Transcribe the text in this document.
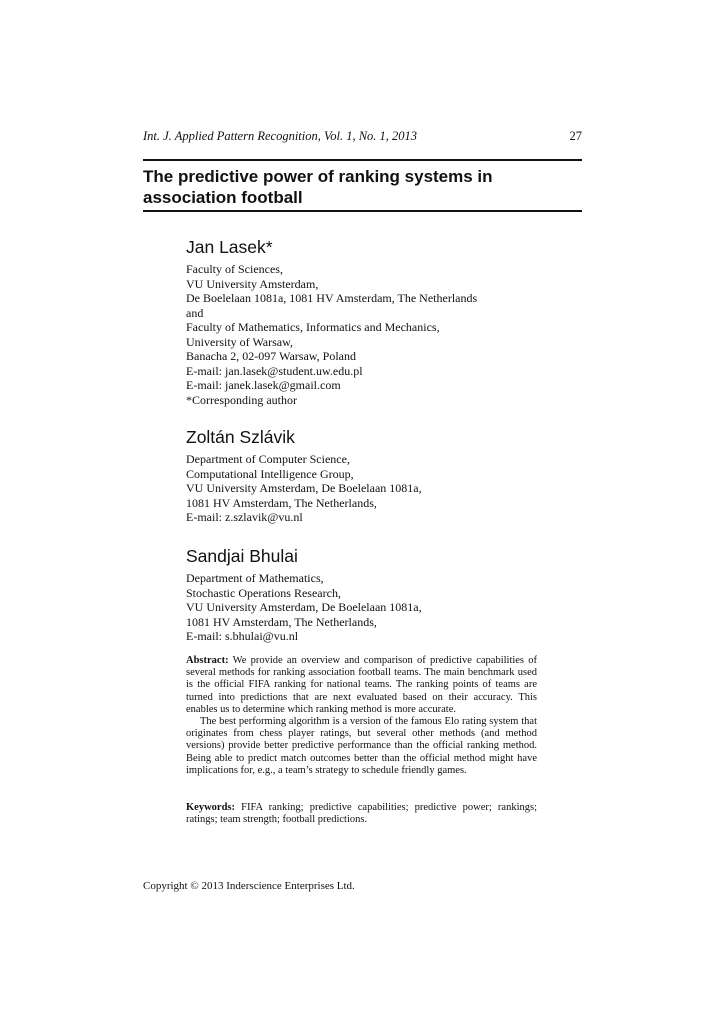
Int. J. Applied Pattern Recognition, Vol. 1, No. 1, 2013	27
The predictive power of ranking systems in
association football
Jan Lasek*
Faculty of Sciences,
VU University Amsterdam,
De Boelelaan 1081a, 1081 HV Amsterdam, The Netherlands
and
Faculty of Mathematics, Informatics and Mechanics,
University of Warsaw,
Banacha 2, 02-097 Warsaw, Poland
E-mail: jan.lasek@student.uw.edu.pl
E-mail: janek.lasek@gmail.com
*Corresponding author
Zoltán Szlávik
Department of Computer Science,
Computational Intelligence Group,
VU University Amsterdam, De Boelelaan 1081a,
1081 HV Amsterdam, The Netherlands,
E-mail: z.szlavik@vu.nl
Sandjai Bhulai
Department of Mathematics,
Stochastic Operations Research,
VU University Amsterdam, De Boelelaan 1081a,
1081 HV Amsterdam, The Netherlands,
E-mail: s.bhulai@vu.nl

Abstract: We provide an overview and comparison of predictive capabilities of several methods for ranking association football teams. The main benchmark used is the official FIFA ranking for national teams. The ranking points of teams are turned into predictions that are next evaluated based on their accuracy. This enables us to determine which ranking method is more accurate.

The best performing algorithm is a version of the famous Elo rating system that originates from chess player ratings, but several other methods (and method versions) provide better predictive performance than the official ranking method. Being able to predict match outcomes better than the official method might have implications for, e.g., a team’s strategy to schedule friendly games.

Keywords: FIFA ranking; predictive capabilities; predictive power; rankings; ratings; team strength; football predictions.
Copyright © 2013 Inderscience Enterprises Ltd.
